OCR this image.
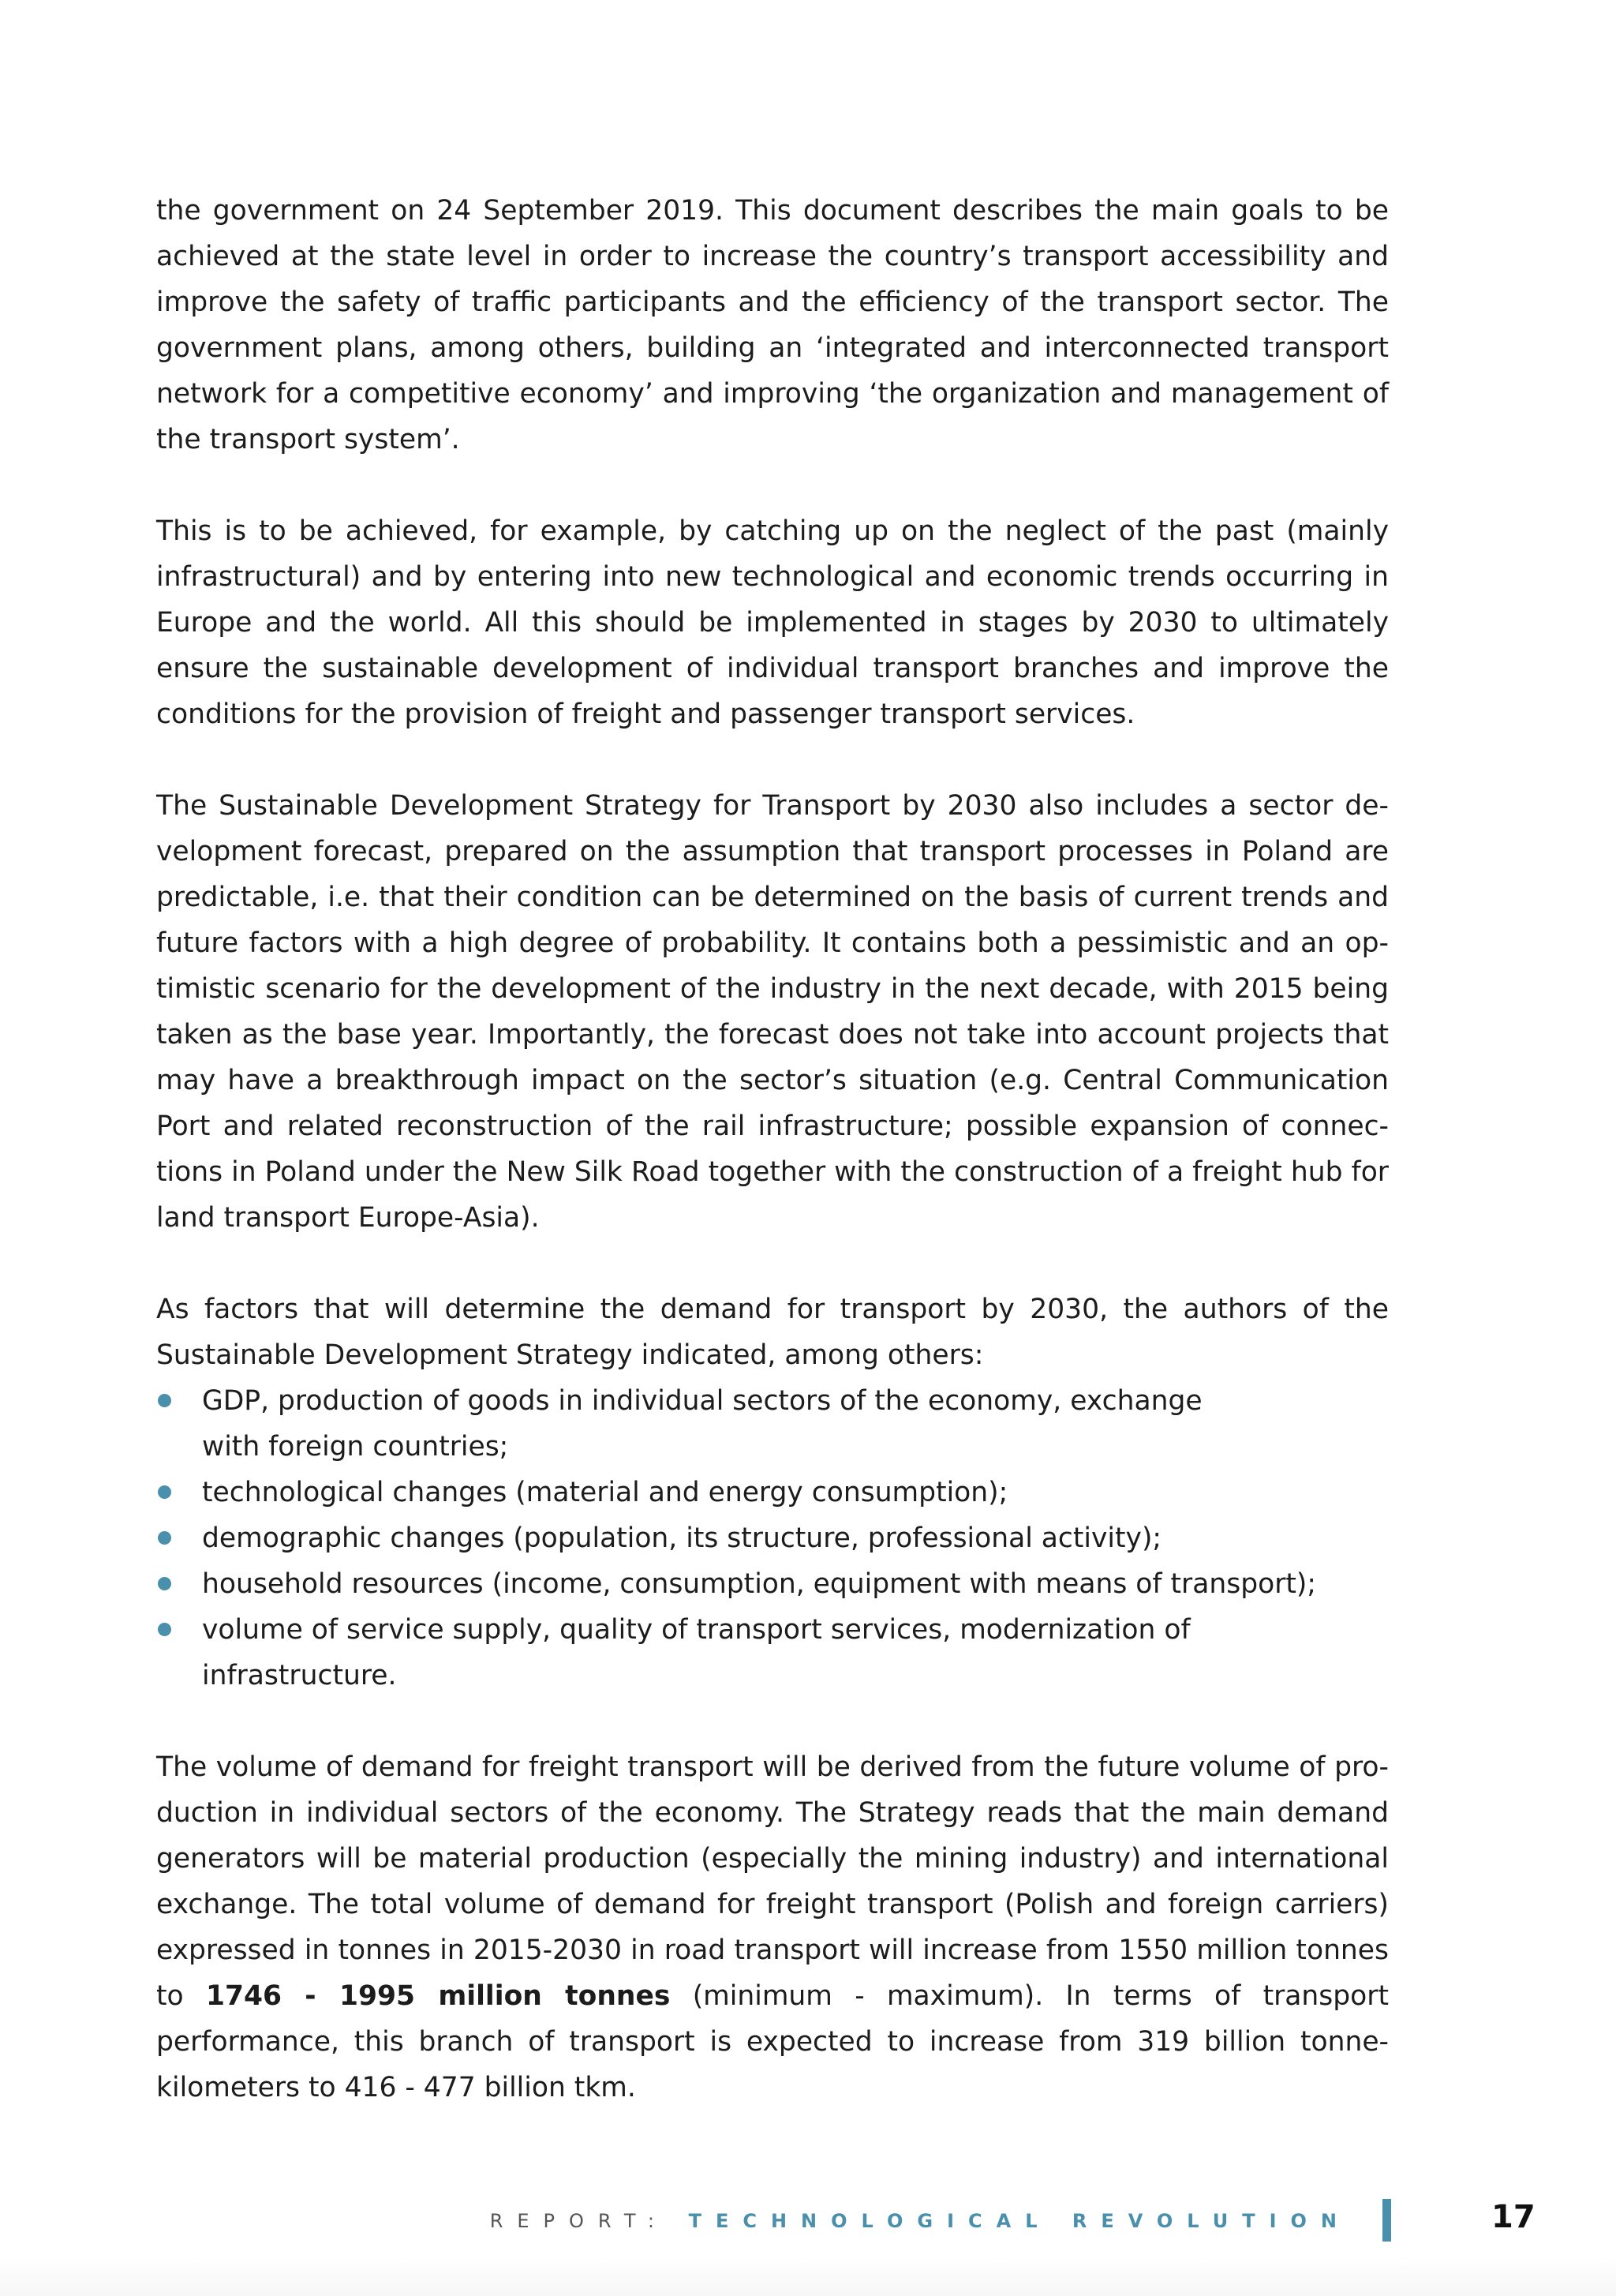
the government on 24 September 2019. This document describes the main goals to be achieved at the state level in order to increase the country’s transport accessibility and improve the safety of traffic participants and the efficiency of the transport sector. The government plans, among others, building an ‘integrated and interconnected transport network for a competitive economy’ and improving ‘the organization and management of the transport system’.

This is to be achieved, for example, by catching up on the neglect of the past (mainly infrastructural) and by entering into new technological and economic trends occurring in Europe and the world. All this should be implemented in stages by 2030 to ultimately ensure the sustainable development of individual transport branches and improve the conditions for the provision of freight and passenger transport services.

The Sustainable Development Strategy for Transport by 2030 also includes a sector development forecast, prepared on the assumption that transport processes in Poland are predictable, i.e. that their condition can be determined on the basis of current trends and future factors with a high degree of probability. It contains both a pessimistic and an optimistic scenario for the development of the industry in the next decade, with 2015 being taken as the base year. Importantly, the forecast does not take into account projects that may have a breakthrough impact on the sector’s situation (e.g. Central Communication Port and related reconstruction of the rail infrastructure; possible expansion of connections in Poland under the New Silk Road together with the construction of a freight hub for land transport Europe-Asia).

As factors that will determine the demand for transport by 2030, the authors of the Sustainable Development Strategy indicated, among others:

GDP, production of goods in individual sectors of the economy, exchange with foreign countries;
technological changes (material and energy consumption);
demographic changes (population, its structure, professional activity);
household resources (income, consumption, equipment with means of transport);
volume of service supply, quality of transport services, modernization of infrastructure.

The volume of demand for freight transport will be derived from the future volume of production in individual sectors of the economy. The Strategy reads that the main demand generators will be material production (especially the mining industry) and international exchange. The total volume of demand for freight transport (Polish and foreign carriers) expressed in tonnes in 2015-2030 in road transport will increase from 1550 million tonnes to 1746 - 1995 million tonnes (minimum - maximum). In terms of transport performance, this branch of transport is expected to increase from 319 billion tonne-kilometers to 416 - 477 billion tkm.

REPORT: TECHNOLOGICAL REVOLUTION	17
